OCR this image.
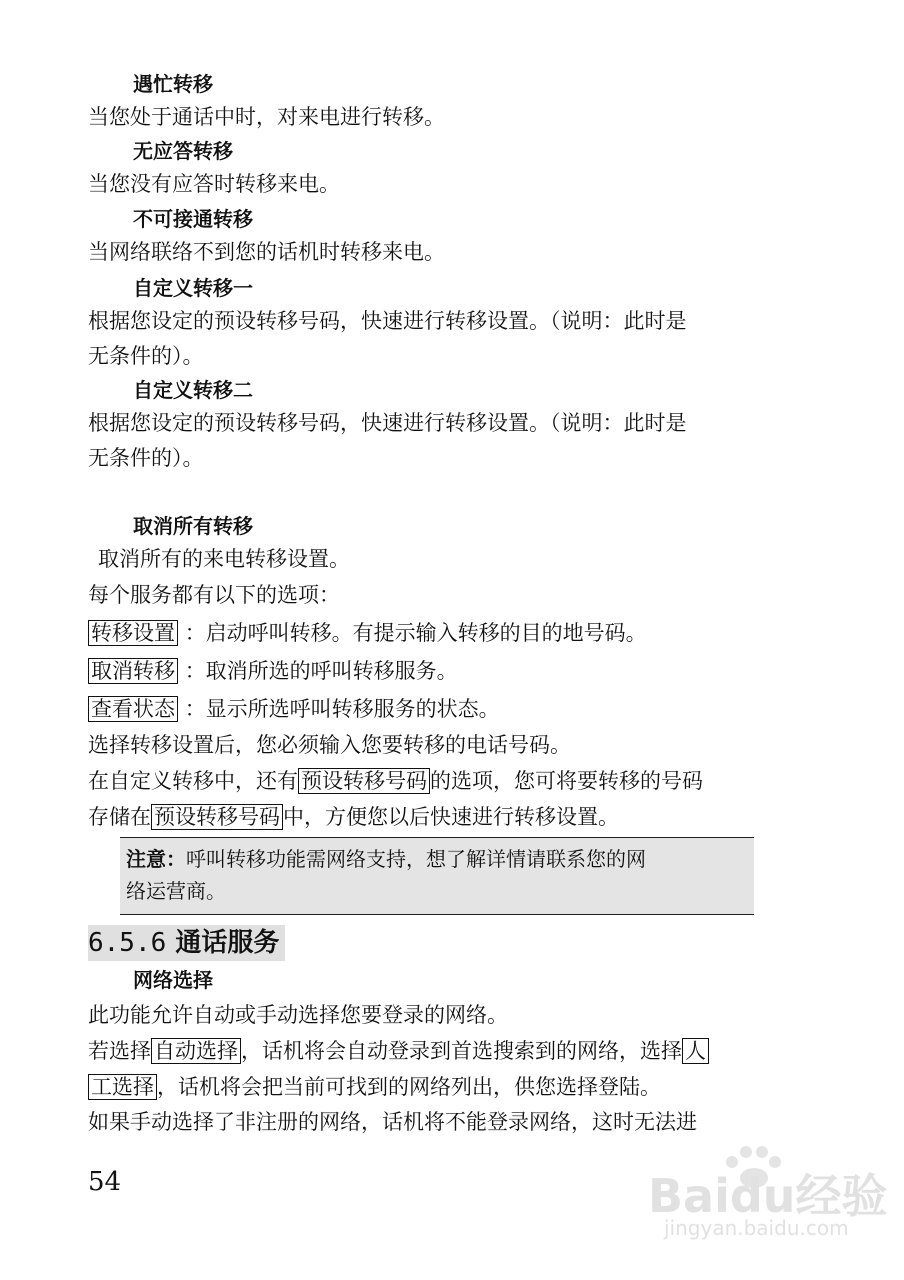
遇忙转移
当您处于通话中时，对来电进行转移。
无应答转移
当您没有应答时转移来电。
不可接通转移
当网络联络不到您的话机时转移来电。
自定义转移一
根据您设定的预设转移号码，快速进行转移设置。（说明：此时是
无条件的）。
自定义转移二
根据您设定的预设转移号码，快速进行转移设置。（说明：此时是
无条件的）。
取消所有转移
取消所有的来电转移设置。
每个服务都有以下的选项：
转移设置 ：启动呼叫转移。有提示输入转移的目的地号码。
取消转移 ：取消所选的呼叫转移服务。
查看状态 ：显示所选呼叫转移服务的状态。
选择转移设置后，您必须输入您要转移的电话号码。
在自定义转移中，还有 预设转移号码 的选项，您可将要转移的号码
存储在 预设转移号码 中，方便您以后快速进行转移设置。
注意：呼叫转移功能需网络支持，想了解详情请联系您的网
络运营商。
6.5.6 通话服务
网络选择
此功能允许自动或手动选择您要登录的网络。
若选择 自动选择 ，话机将会自动登录到首选搜索到的网络，选择 人
工选择 ，话机将会把当前可找到的网络列出，供您选择登陆。
如果手动选择了非注册的网络，话机将不能登录网络，这时无法进
54	Baidu经验
jingyan.baidu.com
